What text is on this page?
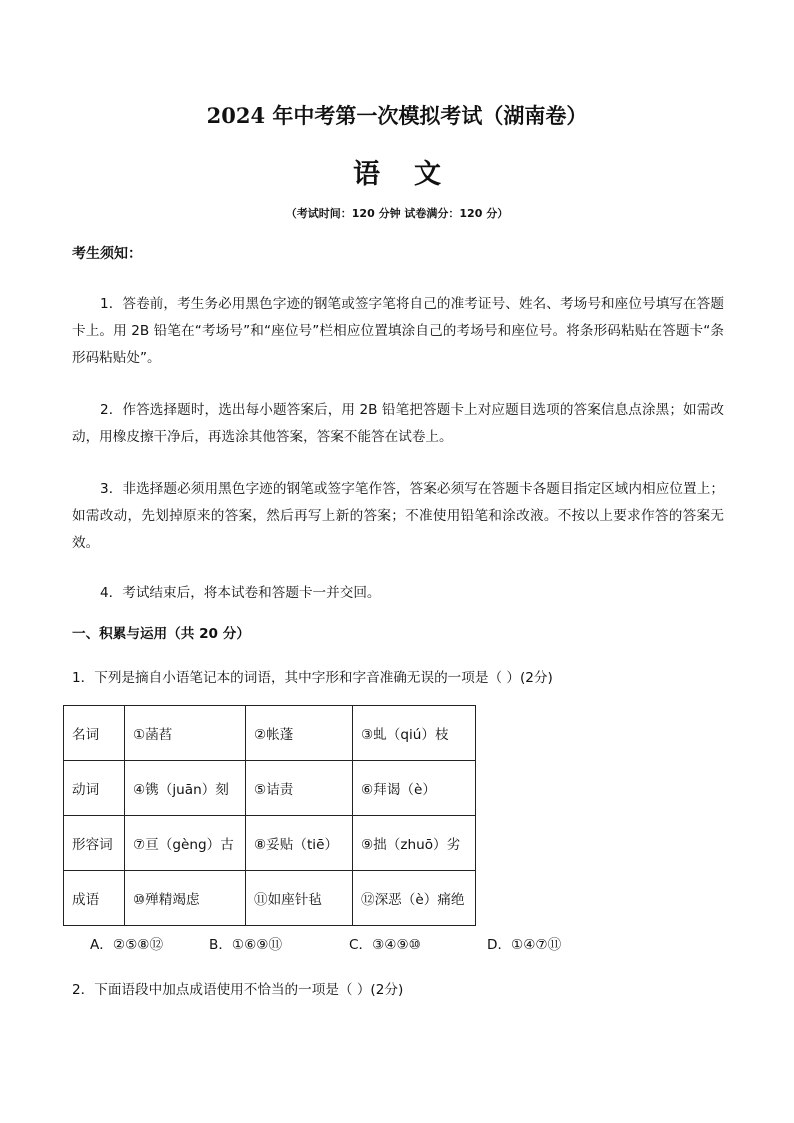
2024 年中考第一次模拟考试（湖南卷）
语文
（考试时间：120 分钟 试卷满分：120 分）
考生须知：

1．答卷前，考生务必用黑色字迹的钢笔或签字笔将自己的准考证号、姓名、考场号和座位号填写在答题卡上。用 2B 铅笔在“考场号”和“座位号”栏相应位置填涂自己的考场号和座位号。将条形码粘贴在答题卡“条形码粘贴处”。

2．作答选择题时，选出每小题答案后，用 2B 铅笔把答题卡上对应题目选项的答案信息点涂黑；如需改动，用橡皮擦干净后，再选涂其他答案，答案不能答在试卷上。

3．非选择题必须用黑色字迹的钢笔或签字笔作答，答案必须写在答题卡各题目指定区域内相应位置上；如需改动，先划掉原来的答案，然后再写上新的答案；不准使用铅笔和涂改液。不按以上要求作答的答案无效。

4．考试结束后，将本试卷和答题卡一并交回。

一、积累与运用（共 20 分）
1．下列是摘自小语笔记本的词语，其中字形和字音准确无误的一项是（ ）(2分)
名词	①菡萏	②帐蓬	③虬（qiú）枝
动词	④镌（juān）刻	⑤诘责	⑥拜谒（è）
形容词	⑦亘（gèng）古	⑧妥贴（tiē）	⑨拙（zhuō）劣
成语	⑩殚精竭虑	⑪如座针毡	⑫深恶（è）痛绝
A．②⑤⑧⑫	B．①⑥⑨⑪	C．③④⑨⑩	D．①④⑦⑪
2．下面语段中加点成语使用不恰当的一项是（ ）(2分)
